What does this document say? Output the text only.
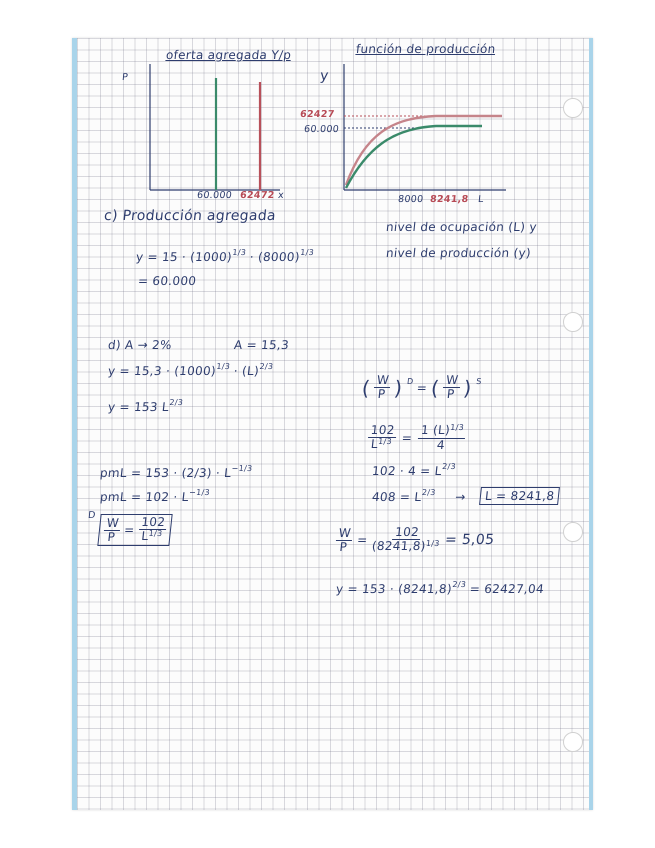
oferta agregada Y/p
P
60.000 62472 x
función de producción
y
62427
60.000
8000 8241,8 L
c) Producción agregada
nivel de ocupación (L) y
nivel de producción (y)
$y = 15 \cdot (1000)^{1/3} \cdot (8000)^{1/3}$
= 60.000
d) A → 2%	A = 15,3
$y = 15,3 \cdot (1000)^{1/3} \cdot (L)^{2/3}$
y = 153 $L^{2/3}$
pmL = $153 \cdot (2/3) \cdot L^{-1/3}$
pmL = $102 \cdot L^{-1/3}$
D
$\frac{W}{P} = \frac{102}{L^{1/3}}$
( W
P ) D = ( W
P ) S
$\frac{102}{L^{1/3}} = \frac{1 (L)^{1/3}}{4}$
$102 \cdot 4 = L^{2/3}$
$408 = L^{2/3}$ →	L = 8241,8
$\frac{W}{P} = \frac{102}{(8241,8)^{1/3}} = 5,05$
$y = 153 \cdot (8241,8)^{2/3} = 62427,04$
